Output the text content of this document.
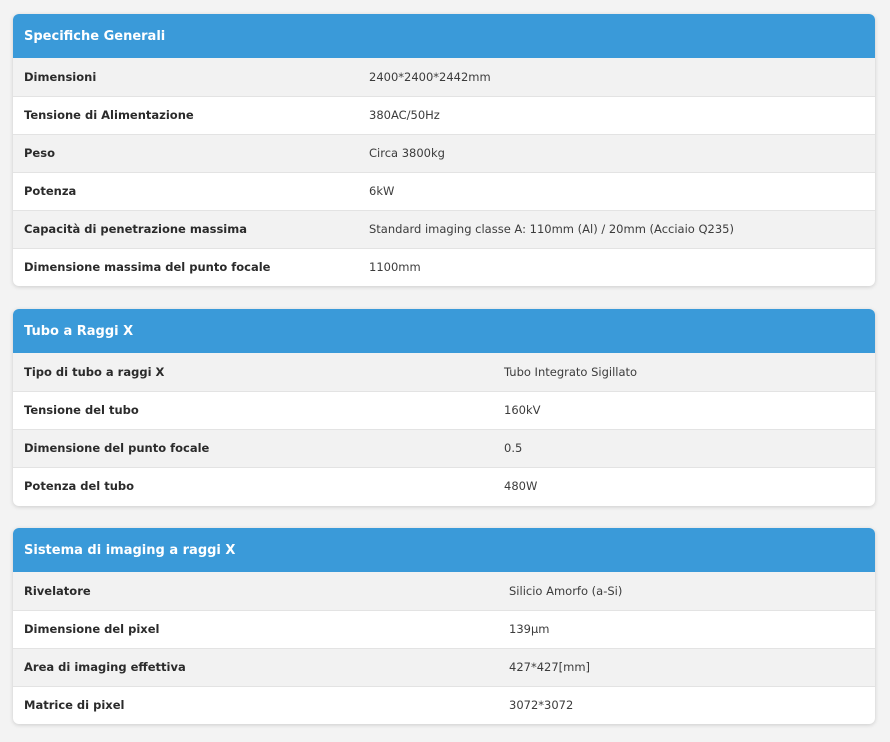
Specifiche Generali
Dimensioni	2400*2400*2442mm
Tensione di Alimentazione	380AC/50Hz
Peso	Circa 3800kg
Potenza	6kW
Capacità di penetrazione massima	Standard imaging classe A: 110mm (Al) / 20mm (Acciaio Q235)
Dimensione massima del punto focale	1100mm
Tubo a Raggi X
Tipo di tubo a raggi X	Tubo Integrato Sigillato
Tensione del tubo	160kV
Dimensione del punto focale	0.5
Potenza del tubo	480W
Sistema di imaging a raggi X
Rivelatore	Silicio Amorfo (a-Si)
Dimensione del pixel	139μm
Area di imaging effettiva	427*427[mm]
Matrice di pixel	3072*3072
